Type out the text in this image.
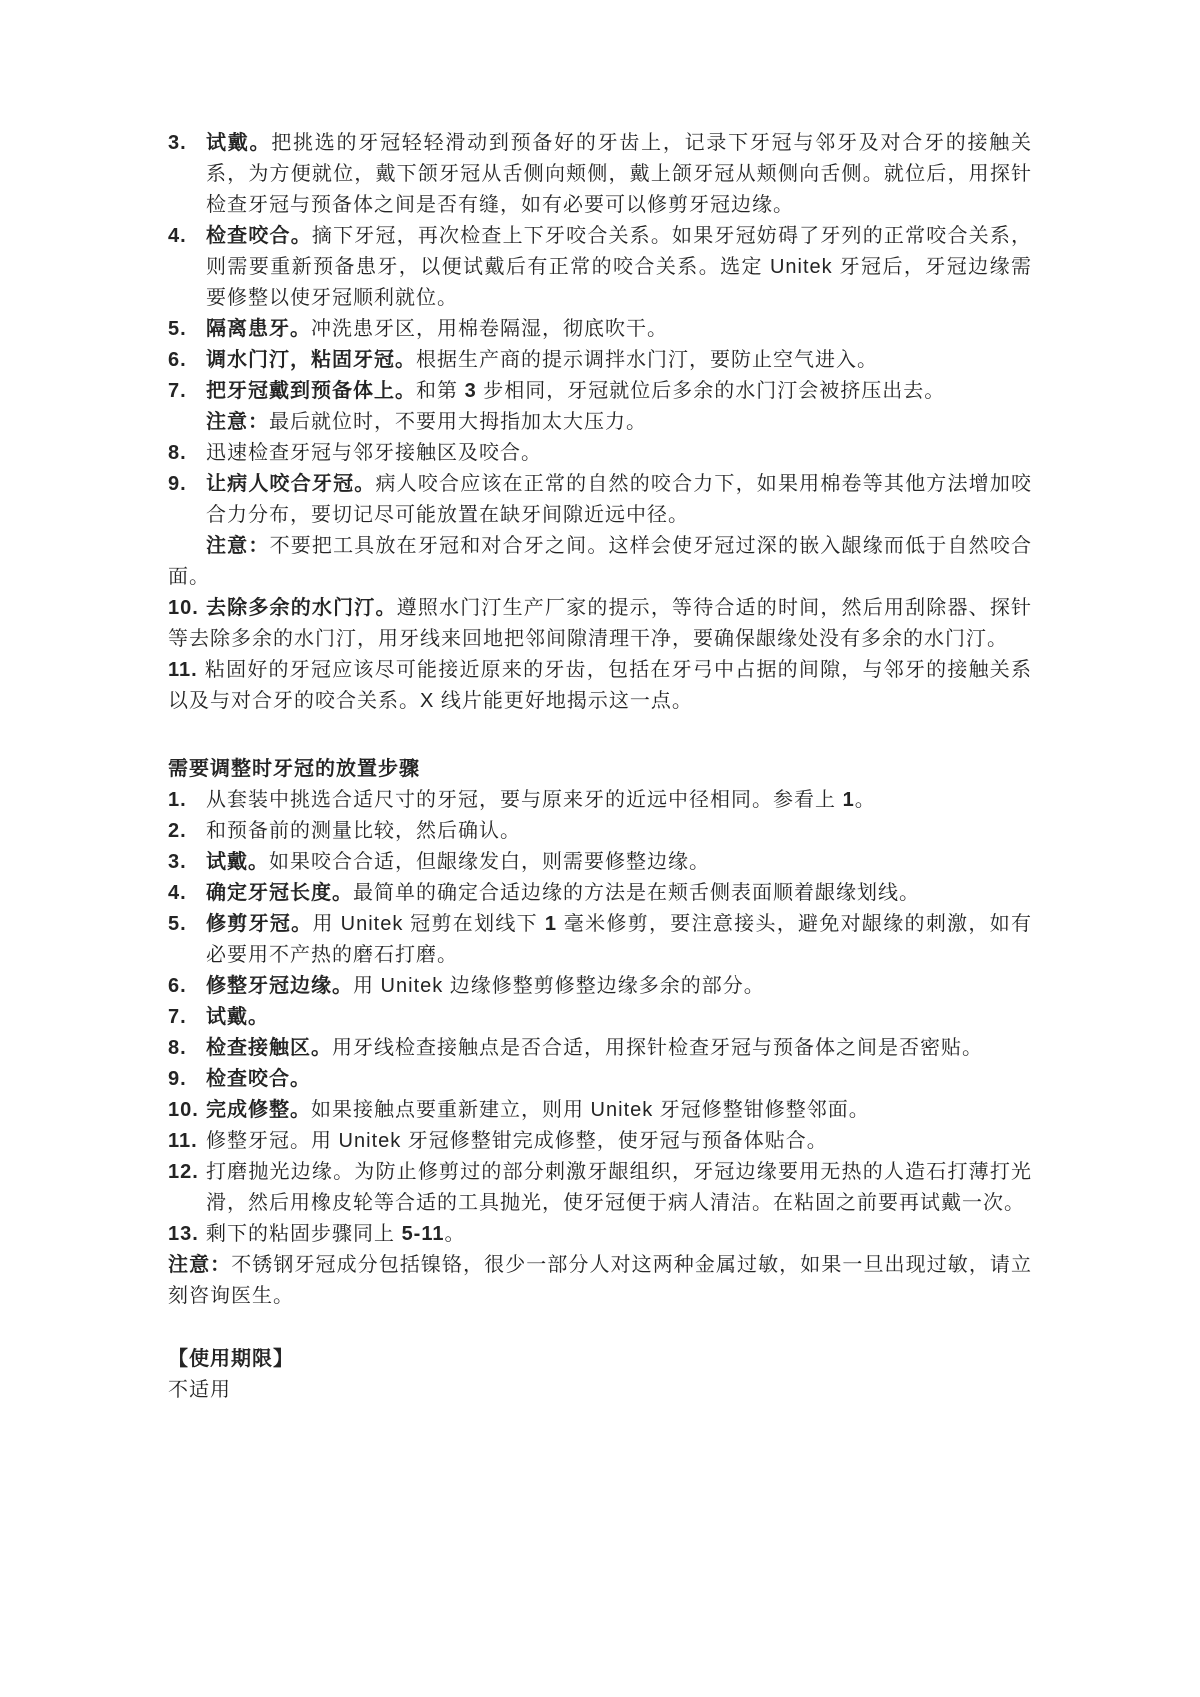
3. 试戴。把挑选的牙冠轻轻滑动到预备好的牙齿上，记录下牙冠与邻牙及对合牙的接触关系，为方便就位，戴下颌牙冠从舌侧向颊侧，戴上颌牙冠从颊侧向舌侧。就位后，用探针检查牙冠与预备体之间是否有缝，如有必要可以修剪牙冠边缘。

4. 检查咬合。摘下牙冠，再次检查上下牙咬合关系。如果牙冠妨碍了牙列的正常咬合关系，则需要重新预备患牙，以便试戴后有正常的咬合关系。选定 Unitek 牙冠后，牙冠边缘需要修整以使牙冠顺利就位。

5. 隔离患牙。冲洗患牙区，用棉卷隔湿，彻底吹干。

6. 调水门汀，粘固牙冠。根据生产商的提示调拌水门汀，要防止空气进入。

7. 把牙冠戴到预备体上。和第 3 步相同，牙冠就位后多余的水门汀会被挤压出去。

注意：最后就位时，不要用大拇指加太大压力。

8. 迅速检查牙冠与邻牙接触区及咬合。

9. 让病人咬合牙冠。病人咬合应该在正常的自然的咬合力下，如果用棉卷等其他方法增加咬合力分布，要切记尽可能放置在缺牙间隙近远中径。

注意：不要把工具放在牙冠和对合牙之间。这样会使牙冠过深的嵌入龈缘而低于自然咬合面。

10. 去除多余的水门汀。遵照水门汀生产厂家的提示，等待合适的时间，然后用刮除器、探针等去除多余的水门汀，用牙线来回地把邻间隙清理干净，要确保龈缘处没有多余的水门汀。

11. 粘固好的牙冠应该尽可能接近原来的牙齿，包括在牙弓中占据的间隙，与邻牙的接触关系以及与对合牙的咬合关系。X 线片能更好地揭示这一点。

需要调整时牙冠的放置步骤

1. 从套装中挑选合适尺寸的牙冠，要与原来牙的近远中径相同。参看上 1。

2. 和预备前的测量比较，然后确认。

3. 试戴。如果咬合合适，但龈缘发白，则需要修整边缘。

4. 确定牙冠长度。最简单的确定合适边缘的方法是在颊舌侧表面顺着龈缘划线。

5. 修剪牙冠。用 Unitek 冠剪在划线下 1 毫米修剪，要注意接头，避免对龈缘的刺激，如有必要用不产热的磨石打磨。

6. 修整牙冠边缘。用 Unitek 边缘修整剪修整边缘多余的部分。

7. 试戴。

8. 检查接触区。用牙线检查接触点是否合适，用探针检查牙冠与预备体之间是否密贴。

9. 检查咬合。

10. 完成修整。如果接触点要重新建立，则用 Unitek 牙冠修整钳修整邻面。

11. 修整牙冠。用 Unitek 牙冠修整钳完成修整，使牙冠与预备体贴合。

12. 打磨抛光边缘。为防止修剪过的部分刺激牙龈组织，牙冠边缘要用无热的人造石打薄打光滑，然后用橡皮轮等合适的工具抛光，使牙冠便于病人清洁。在粘固之前要再试戴一次。

13. 剩下的粘固步骤同上 5-11。

注意：不锈钢牙冠成分包括镍铬，很少一部分人对这两种金属过敏，如果一旦出现过敏，请立刻咨询医生。

【使用期限】

不适用
